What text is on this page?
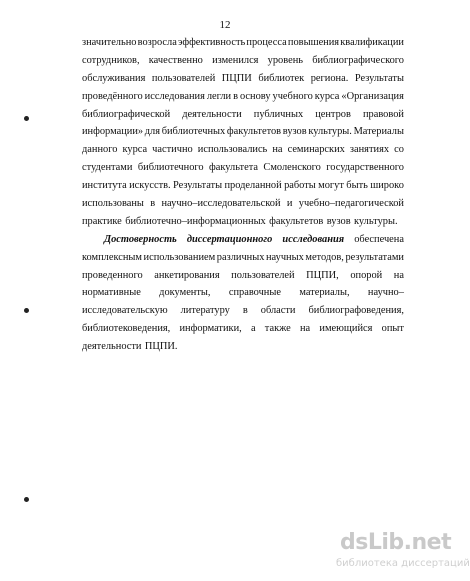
12
значительно возросла эффективность процесса повышения квалификации
сотрудников, качественно изменился уровень библиографического
обслуживания пользователей ПЦПИ библиотек региона. Результаты
проведённого исследования легли в основу учебного курса «Организация
библиографической деятельности публичных центров правовой
информации» для библиотечных факультетов вузов культуры. Материалы
данного курса частично использовались на семинарских занятиях со
студентами библиотечного факультета Смоленского государственного
института искусств. Результаты проделанной работы могут быть широко
использованы в научно–исследовательской и учебно–педагогической
практике библиотечно–информационных факультетов вузов культуры.
Достоверность диссертационного исследования обеспечена
комплексным использованием различных научных методов, результатами
проведенного анкетирования пользователей ПЦПИ, опорой на
нормативные документы, справочные материалы, научно–
исследовательскую литературу в области библиографоведения,
библиотековедения, информатики, а также на имеющийся опыт
деятельности ПЦПИ.
dsLib.net
библиотека диссертаций
